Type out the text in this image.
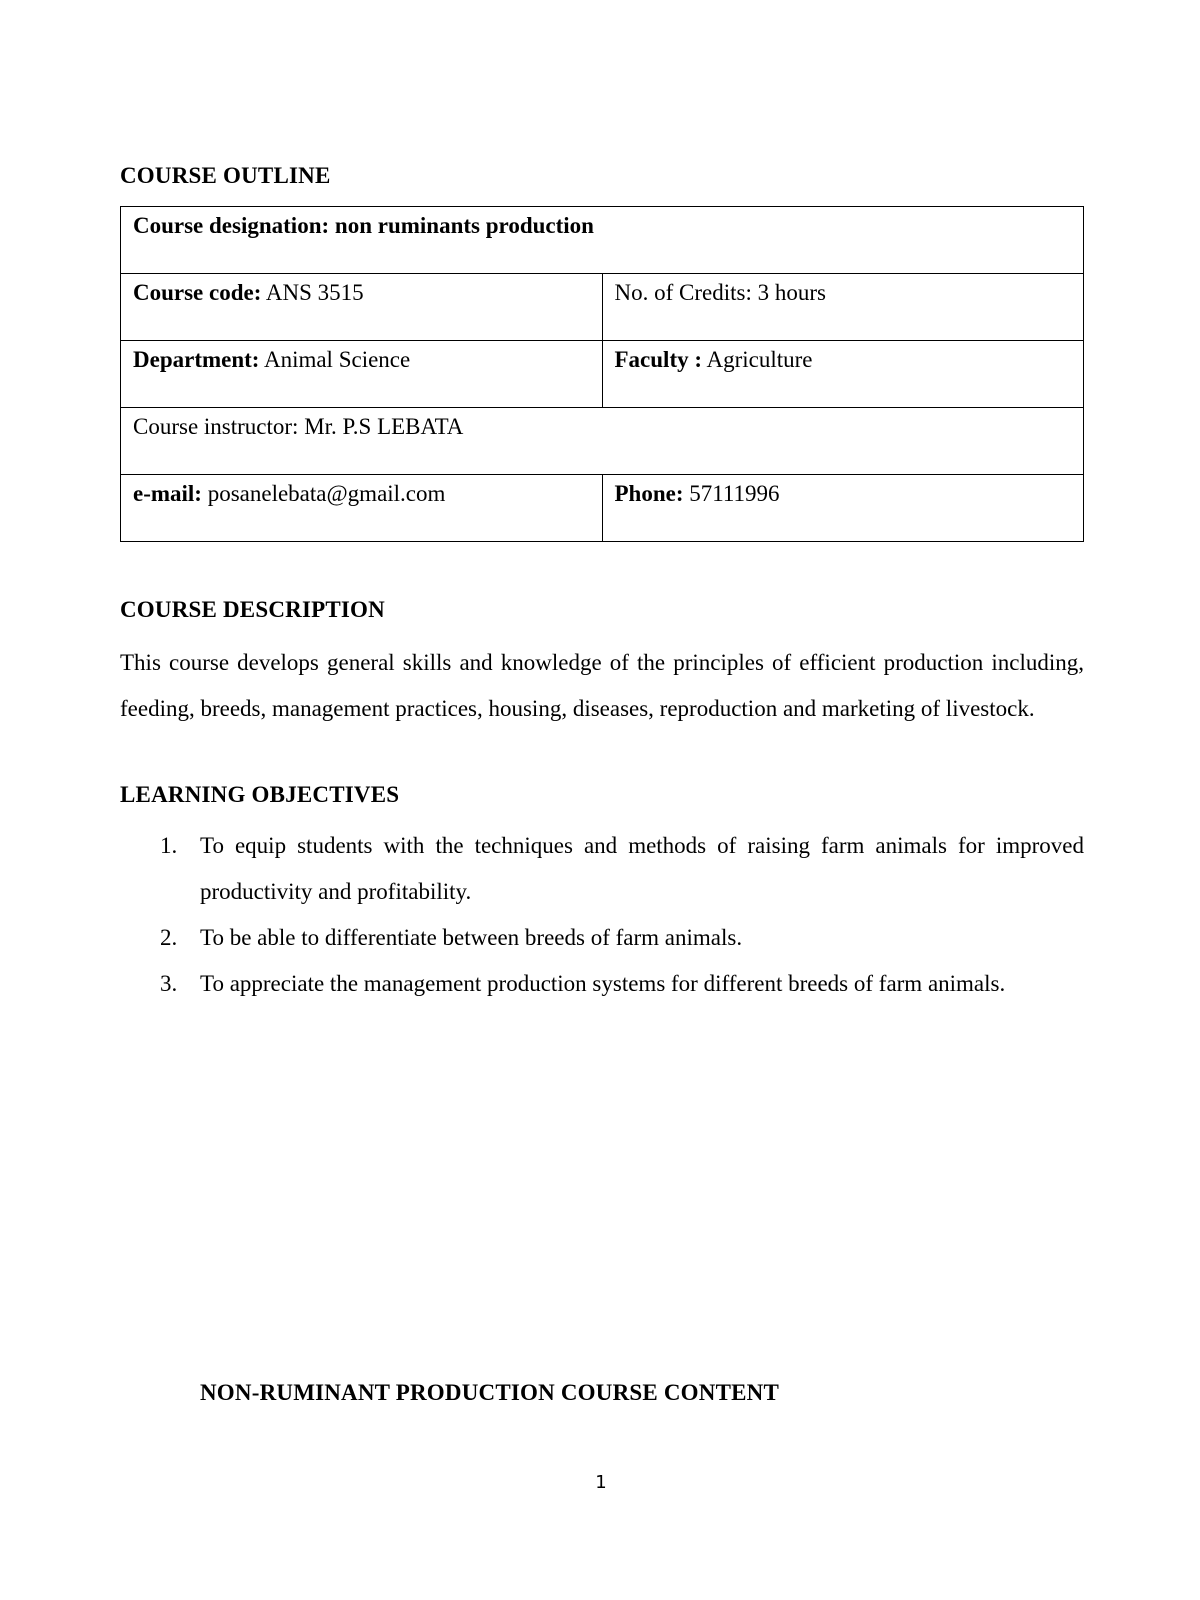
COURSE OUTLINE
Course designation: non ruminants production	
Course code: ANS 3515	No. of Credits: 3 hours
Department: Animal Science	Faculty : Agriculture
Course instructor: Mr. P.S LEBATA	
e-mail: posanelebata@gmail.com	Phone: 57111996
COURSE DESCRIPTION
This course develops general skills and knowledge of the principles of efficient production including, feeding, breeds, management practices, housing, diseases, reproduction and marketing of livestock.
LEARNING OBJECTIVES
1. To equip students with the techniques and methods of raising farm animals for improved productivity and profitability.
2. To be able to differentiate between breeds of farm animals.
3. To appreciate the management production systems for different breeds of farm animals.
NON-RUMINANT PRODUCTION COURSE CONTENT
1
